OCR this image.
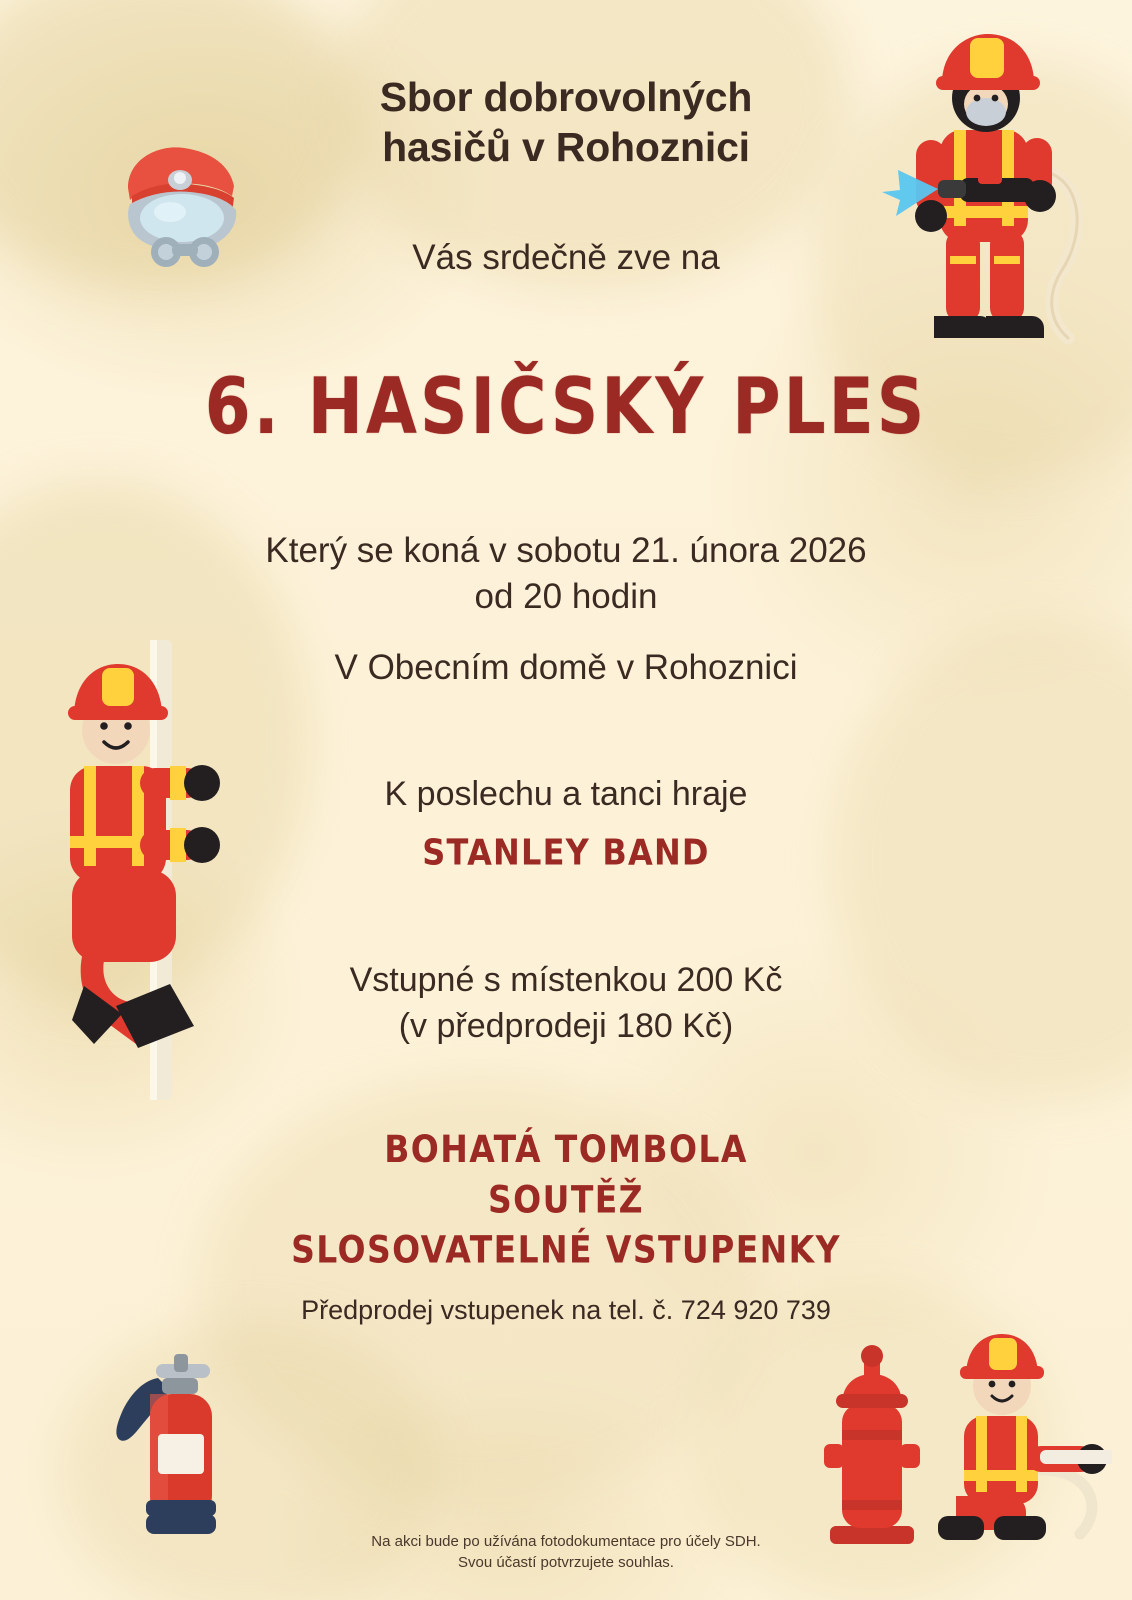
Sbor dobrovolných
hasičů v Rohoznici
Vás srdečně zve na
6. HASIČSKÝ PLES
Který se koná v sobotu 21. února 2026
od 20 hodin
V Obecním domě v Rohoznici
K poslechu a tanci hraje
STANLEY BAND
Vstupné s místenkou 200 Kč
(v předprodeji 180 Kč)
BOHATÁ TOMBOLA
SOUTĚŽ
SLOSOVATELNÉ VSTUPENKY
Předprodej vstupenek na tel. č. 724 920 739
Na akci bude po užívána fotodokumentace pro účely SDH.
Svou účastí potvrzujete souhlas.
